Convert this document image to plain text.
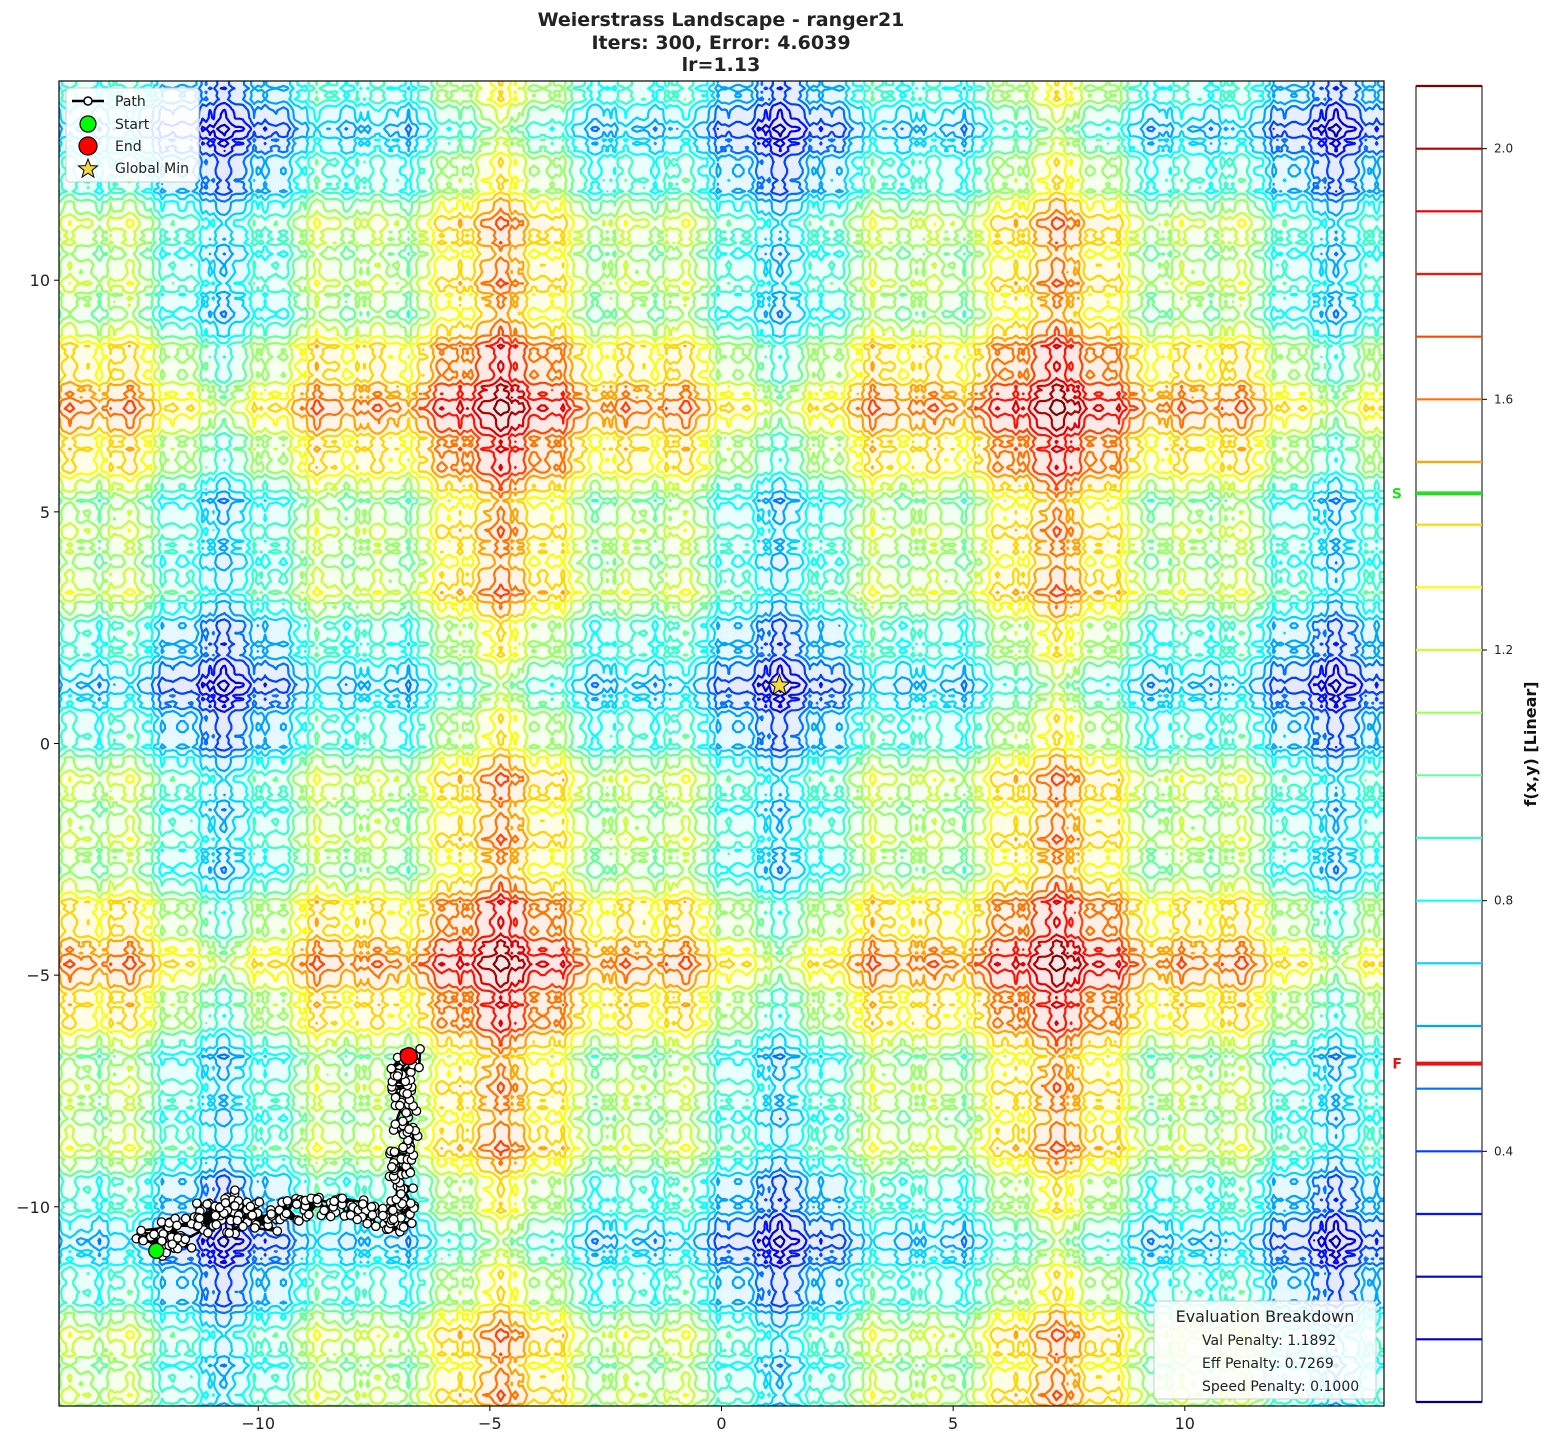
Weierstrass Landscape - ranger21
Iters: 300, Error: 4.6039
lr=1.13
−10	−5	0	5	10
−10
−5
0
5
10
Path
Start
End
Global Min
Evaluation Breakdown
Val Penalty: 1.1892
Eff Penalty: 0.7269
Speed Penalty: 0.1000
0.4
0.8
1.2
1.6
2.0
S
F
f(x,y) [Linear]
